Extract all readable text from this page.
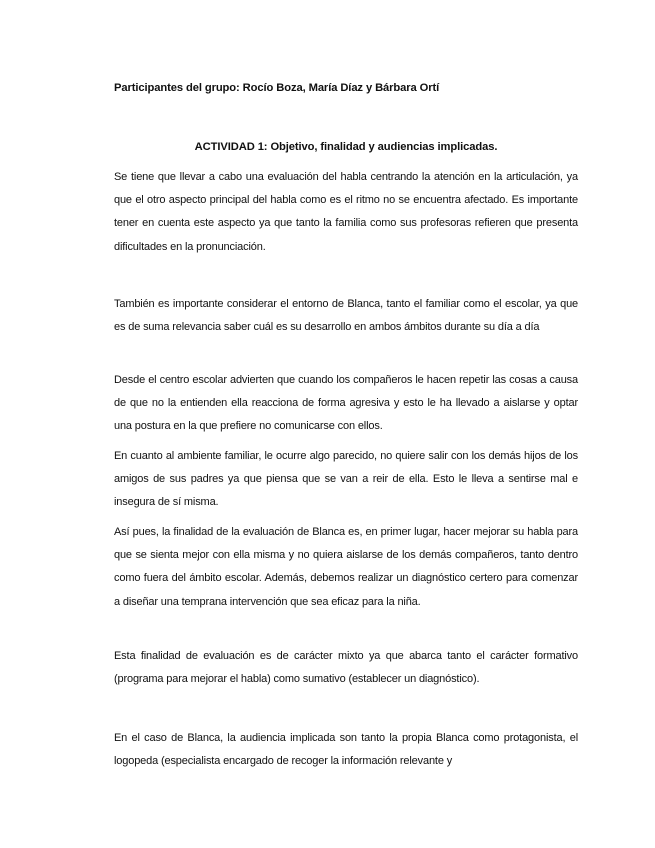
Participantes del grupo: Rocío Boza, María Díaz y Bárbara Ortí
ACTIVIDAD 1: Objetivo, finalidad y audiencias implicadas.

Se tiene que llevar a cabo una evaluación del habla centrando la atención en la articulación, ya que el otro aspecto principal del habla como es el ritmo no se encuentra afectado. Es importante tener en cuenta este aspecto ya que tanto la familia como sus profesoras refieren que presenta dificultades en la pronunciación.

También es importante considerar el entorno de Blanca, tanto el familiar como el escolar, ya que es de suma relevancia saber cuál es su desarrollo en ambos ámbitos durante su día a día

Desde el centro escolar advierten que cuando los compañeros le hacen repetir las cosas a causa de que no la entienden ella reacciona de forma agresiva y esto le ha llevado a aislarse y optar una postura en la que prefiere no comunicarse con ellos.

En cuanto al ambiente familiar, le ocurre algo parecido, no quiere salir con los demás hijos de los amigos de sus padres ya que piensa que se van a reir de ella. Esto le lleva a sentirse mal e insegura de sí misma.

Así pues, la finalidad de la evaluación de Blanca es, en primer lugar, hacer mejorar su habla para que se sienta mejor con ella misma y no quiera aislarse de los demás compañeros, tanto dentro como fuera del ámbito escolar. Además, debemos realizar un diagnóstico certero para comenzar a diseñar una temprana intervención que sea eficaz para la niña.

Esta finalidad de evaluación es de carácter mixto ya que abarca tanto el carácter formativo (programa para mejorar el habla) como sumativo (establecer un diagnóstico).

En el caso de Blanca, la audiencia implicada son tanto la propia Blanca como protagonista, el logopeda (especialista encargado de recoger la información relevante y
